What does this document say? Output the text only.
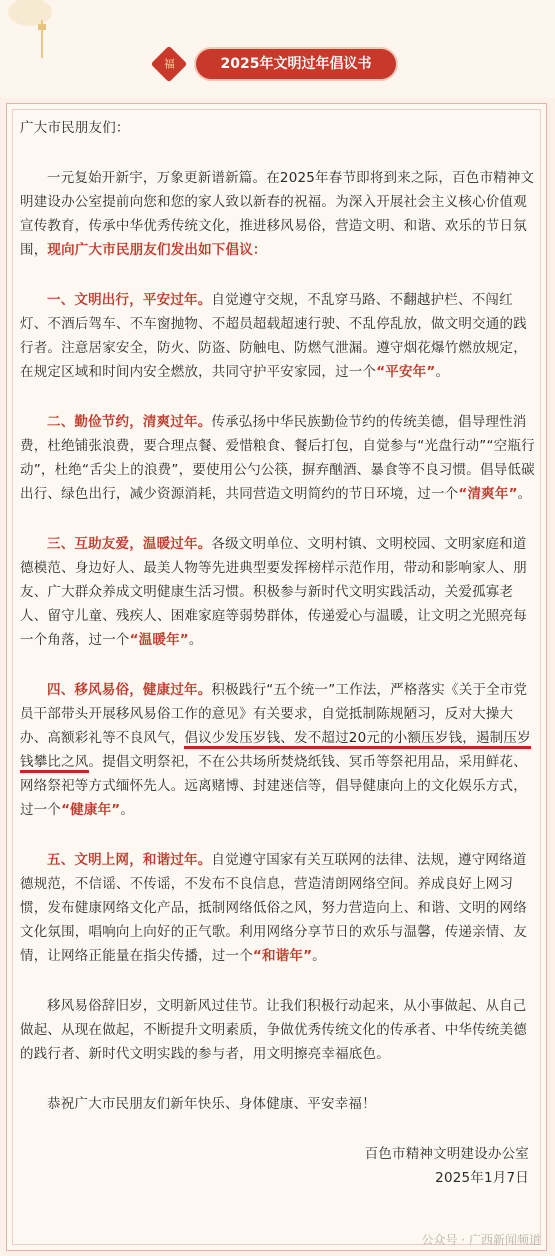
福	2025年文明过年倡议书

广大市民朋友们：

一元复始开新宇，万象更新谱新篇。在2025年春节即将到来之际，百色市精神文明建设办公室提前向您和您的家人致以新春的祝福。为深入开展社会主义核心价值观宣传教育，传承中华优秀传统文化，推进移风易俗，营造文明、和谐、欢乐的节日氛围，现向广大市民朋友们发出如下倡议：

一、文明出行，平安过年。自觉遵守交规，不乱穿马路、不翻越护栏、不闯红灯、不酒后驾车、不车窗抛物、不超员超载超速行驶、不乱停乱放，做文明交通的践行者。注意居家安全，防火、防盗、防触电、防燃气泄漏。遵守烟花爆竹燃放规定，在规定区域和时间内安全燃放，共同守护平安家园，过一个“平安年”。

二、勤俭节约，清爽过年。传承弘扬中华民族勤俭节约的传统美德，倡导理性消费，杜绝铺张浪费，要合理点餐、爱惜粮食、餐后打包，自觉参与“光盘行动”“空瓶行动”，杜绝“舌尖上的浪费”，要使用公勺公筷，摒弃酗酒、暴食等不良习惯。倡导低碳出行、绿色出行，减少资源消耗，共同营造文明简约的节日环境，过一个“清爽年”。

三、互助友爱，温暖过年。各级文明单位、文明村镇、文明校园、文明家庭和道德模范、身边好人、最美人物等先进典型要发挥榜样示范作用，带动和影响家人、朋友、广大群众养成文明健康生活习惯。积极参与新时代文明实践活动，关爱孤寡老人、留守儿童、残疾人、困难家庭等弱势群体，传递爱心与温暖，让文明之光照亮每一个角落，过一个“温暖年”。

四、移风易俗，健康过年。积极践行“五个统一”工作法，严格落实《关于全市党员干部带头开展移风易俗工作的意见》有关要求，自觉抵制陈规陋习，反对大操大办、高额彩礼等不良风气，倡议少发压岁钱、发不超过20元的小额压岁钱，遏制压岁钱攀比之风。提倡文明祭祀，不在公共场所焚烧纸钱、冥币等祭祀用品，采用鲜花、网络祭祀等方式缅怀先人。远离赌博、封建迷信等，倡导健康向上的文化娱乐方式，过一个“健康年”。

五、文明上网，和谐过年。自觉遵守国家有关互联网的法律、法规，遵守网络道德规范，不信谣、不传谣，不发布不良信息，营造清朗网络空间。养成良好上网习惯，发布健康网络文化产品，抵制网络低俗之风，努力营造向上、和谐、文明的网络文化氛围，唱响向上向好的正气歌。利用网络分享节日的欢乐与温馨，传递亲情、友情，让网络正能量在指尖传播，过一个“和谐年”。

移风易俗辞旧岁，文明新风过佳节。让我们积极行动起来，从小事做起、从自己做起、从现在做起，不断提升文明素质，争做优秀传统文化的传承者、中华传统美德的践行者、新时代文明实践的参与者，用文明擦亮幸福底色。

恭祝广大市民朋友们新年快乐、身体健康、平安幸福！

百色市精神文明建设办公室

2025年1月7日

公众号 · 广西新闻频道
